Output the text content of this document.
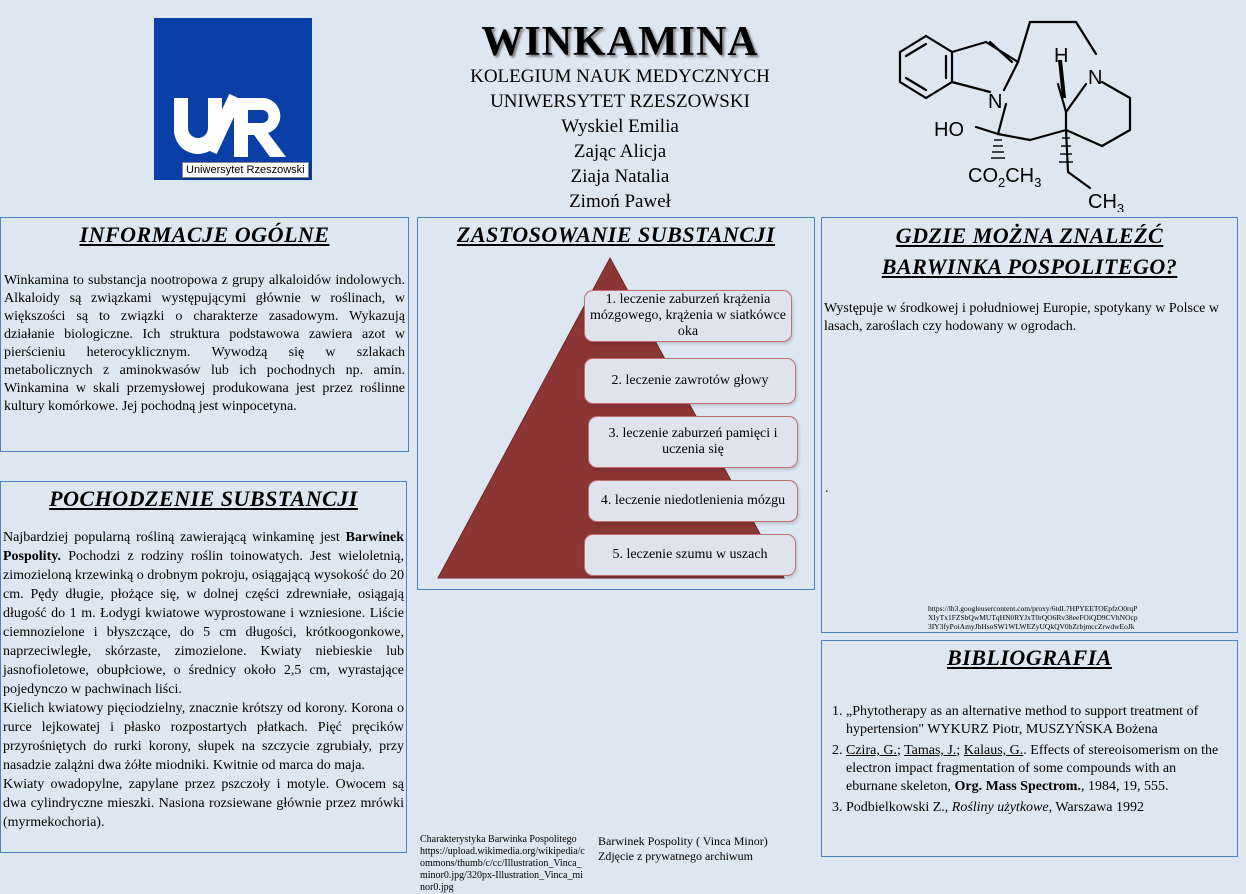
Uniwersytet Rzeszowski
WINKAMINA
KOLEGIUM NAUK MEDYCZNYCH
UNIWERSYTET RZESZOWSKI
Wyskiel Emilia
Zając Alicja
Ziaja Natalia
Zimoń Paweł
N
N
H
HO
$CO_2CH_3$
$CH_3$
INFORMACJE OGÓLNE
Winkamina to substancja nootropowa z grupy alkaloidów indolowych. Alkaloidy są związkami występującymi głównie w roślinach, w większości są to związki o charakterze zasadowym. Wykazują działanie biologiczne. Ich struktura podstawowa zawiera azot w pierścieniu heterocyklicznym. Wywodzą się w szlakach metabolicznych z aminokwasów lub ich pochodnych np. amin. Winkamina w skali przemysłowej produkowana jest przez roślinne kultury komórkowe. Jej pochodną jest winpocetyna.
POCHODZENIE SUBSTANCJI
Najbardziej popularną rośliną zawierającą winkaminę jest Barwinek Pospolity. Pochodzi z rodziny roślin toinowatych. Jest wieloletnią, zimozieloną krzewinką o drobnym pokroju, osiągającą wysokość do 20 cm. Pędy długie, płożące się, w dolnej części zdrewniałe, osiągają długość do 1 m. Łodygi kwiatowe wyprostowane i wzniesione. Liście ciemnozielone i błyszczące, do 5 cm długości, krótkoogonkowe, naprzeciwległe, skórzaste, zimozielone. Kwiaty niebieskie lub jasnofioletowe, obupłciowe, o średnicy około 2,5 cm, wyrastające pojedynczo w pachwinach liści.
Kielich kwiatowy pięciodzielny, znacznie krótszy od korony. Korona o rurce lejkowatej i płasko rozpostartych płatkach. Pięć pręcików przyrośniętych do rurki korony, słupek na szczycie zgrubiały, przy nasadzie zalążni dwa żółte miodniki. Kwitnie od marca do maja.
Kwiaty owadopylne, zapylane przez pszczoły i motyle. Owocem są dwa cylindryczne mieszki. Nasiona rozsiewane głównie przez mrówki (myrmekochoria).
ZASTOSOWANIE SUBSTANCJI
1. leczenie zaburzeń krążenia mózgowego, krążenia w siatkówce oka
2. leczenie zawrotów głowy
3. leczenie zaburzeń pamięci i uczenia się
4. leczenie niedotlenienia mózgu
5. leczenie szumu w uszach
Charakterystyka Barwinka Pospolitego
https://upload.wikimedia.org/wikipedia/commons/thumb/c/cc/Illustration_Vinca_minor0.jpg/320px-Illustration_Vinca_minor0.jpg
Barwinek Pospolity ( Vinca Minor)
Zdjęcie z prywatnego archiwum
GDZIE MOŻNA ZNALEŹĆ
BARWINKA POSPOLITEGO?
Występuje w środkowej i południowej Europie, spotykany w Polsce w lasach, zaroślach czy hodowany w ogrodach.
.
https://lh3.googleusercontent.com/proxy/6tdL7HPYEETOEpfzO0rqPXIyTx1FZSbQwMUTqHN0RYJxT0rQO6Rv38eeFOiQD9CVhNOcp3IY3fyPoiAmyJbHsoSW1WLWEZyUQkQV0bZrbjmccZrwdwEoJk
BIBLIOGRAFIA
1. „Phytotherapy as an alternative method to support treatment of hypertension" WYKURZ Piotr, MUSZYŃSKA Bożena
2. Czira, G.; Tamas, J.; Kalaus, G.. Effects of stereoisomerism on the electron impact fragmentation of some compounds with an eburnane skeleton, Org. Mass Spectrom., 1984, 19, 555.
3. Podbielkowski Z., Rośliny użytkowe, Warszawa 1992
